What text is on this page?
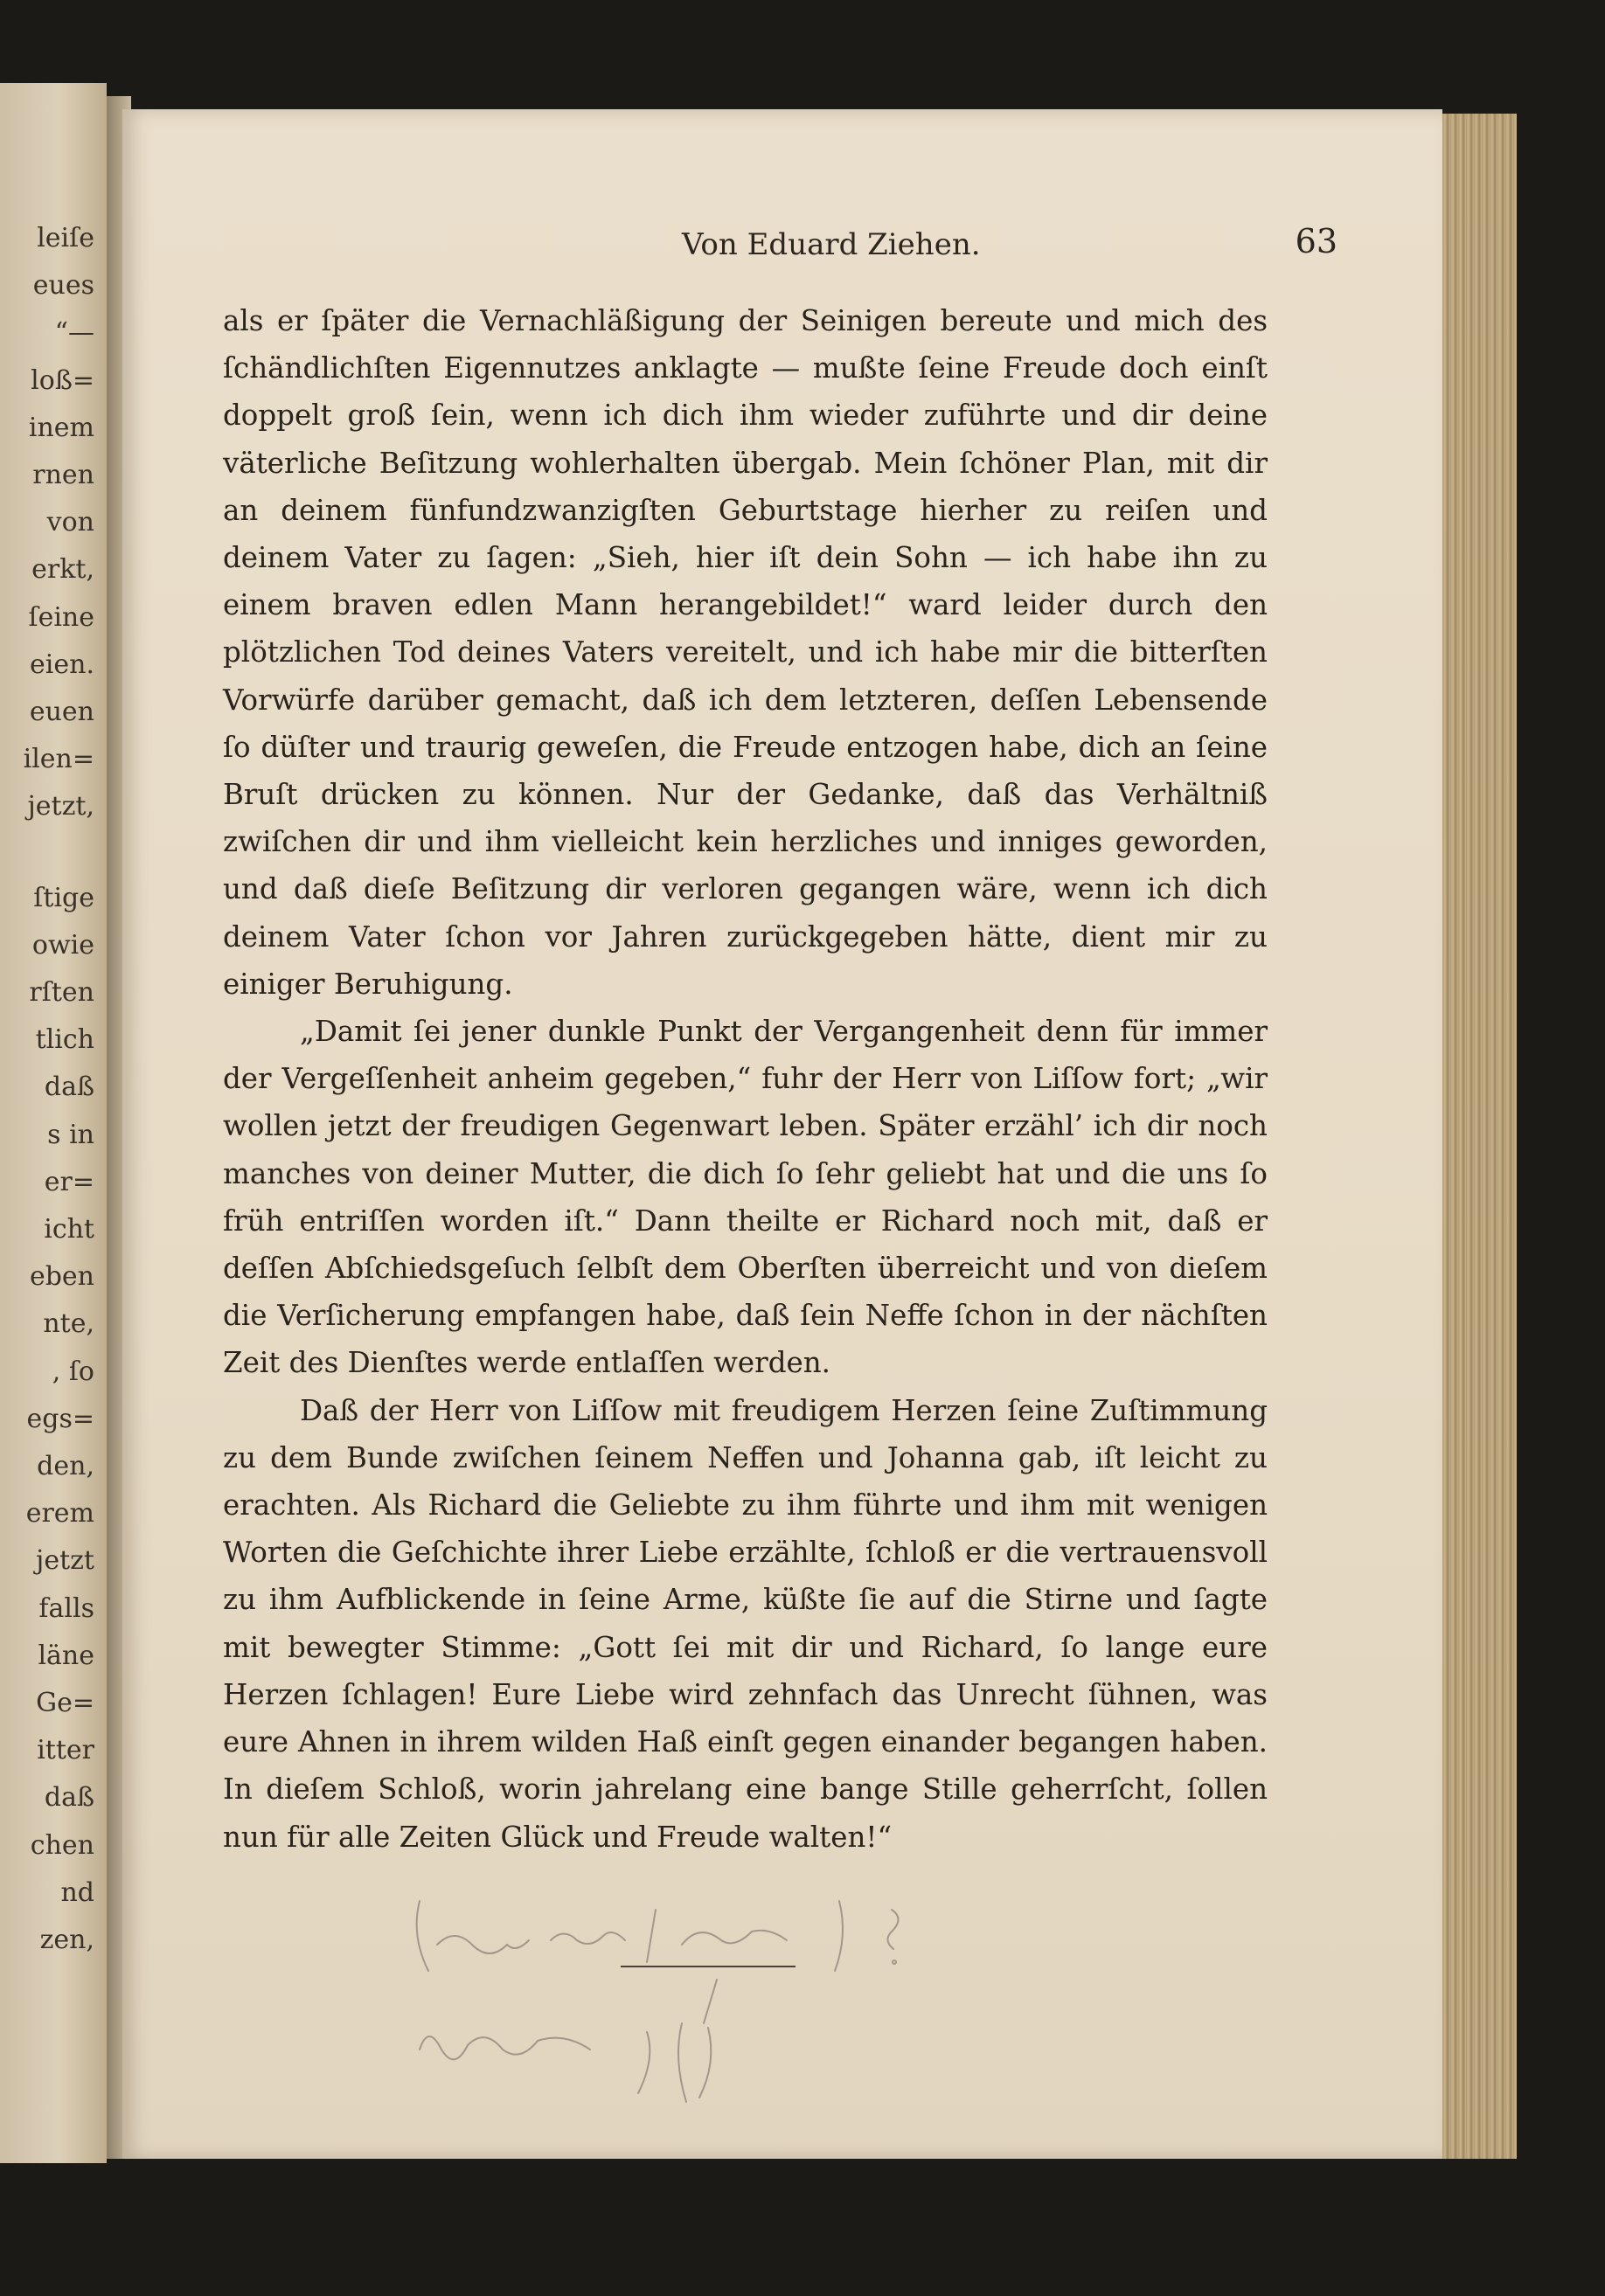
leiſe
eues
“—
loß=
inem
rnen
von
erkt,
ſeine
eien.
euen
ilen=
jetzt,
ſtige
owie
rſten
tlich
daß
s in
er=
icht
eben
nte,
, ſo
egs=
den,
erem
jetzt
falls
läne
Ge=
itter
daß
chen
nd
zen,
Von Eduard Ziehen.	63

als er ſpäter die Vernachläßigung der Seinigen bereute und mich des ſchändlichſten Eigennutzes anklagte — mußte ſeine Freude doch einſt doppelt groß ſein, wenn ich dich ihm wieder zuführte und dir deine väterliche Beſitzung wohlerhalten übergab. Mein ſchöner Plan, mit dir an deinem fünfundzwanzigſten Geburtstage hierher zu reiſen und deinem Vater zu ſagen: „Sieh, hier iſt dein Sohn — ich habe ihn zu einem braven edlen Mann herangebildet!“ ward leider durch den plötzlichen Tod deines Vaters vereitelt, und ich habe mir die bitterſten Vorwürfe darüber gemacht, daß ich dem letzteren, deſſen Lebensende ſo düſter und traurig geweſen, die Freude entzogen habe, dich an ſeine Bruſt drücken zu können. Nur der Gedanke, daß das Verhältniß zwiſchen dir und ihm vielleicht kein herzliches und inniges geworden, und daß dieſe Beſitzung dir verloren gegangen wäre, wenn ich dich deinem Vater ſchon vor Jahren zurückgegeben hätte, dient mir zu einiger Beruhigung.

„Damit ſei jener dunkle Punkt der Vergangenheit denn für immer der Vergeſſenheit anheim gegeben,“ fuhr der Herr von Liſſow fort; „wir wollen jetzt der freudigen Gegenwart leben. Später erzähl’ ich dir noch manches von deiner Mutter, die dich ſo ſehr geliebt hat und die uns ſo früh entriſſen worden iſt.“ Dann theilte er Richard noch mit, daß er deſſen Abſchiedsgeſuch ſelbſt dem Oberſten überreicht und von dieſem die Verſicherung empfangen habe, daß ſein Neffe ſchon in der nächſten Zeit des Dienſtes werde entlaſſen werden.

Daß der Herr von Liſſow mit freudigem Herzen ſeine Zuſtimmung zu dem Bunde zwiſchen ſeinem Neffen und Johanna gab, iſt leicht zu erachten. Als Richard die Geliebte zu ihm führte und ihm mit wenigen Worten die Geſchichte ihrer Liebe erzählte, ſchloß er die vertrauensvoll zu ihm Aufblickende in ſeine Arme, küßte ſie auf die Stirne und ſagte mit bewegter Stimme: „Gott ſei mit dir und Richard, ſo lange eure Herzen ſchlagen! Eure Liebe wird zehnfach das Unrecht ſühnen, was eure Ahnen in ihrem wilden Haß einſt gegen einander begangen haben. In dieſem Schloß, worin jahrelang eine bange Stille geherrſcht, ſollen nun für alle Zeiten Glück und Freude walten!“
